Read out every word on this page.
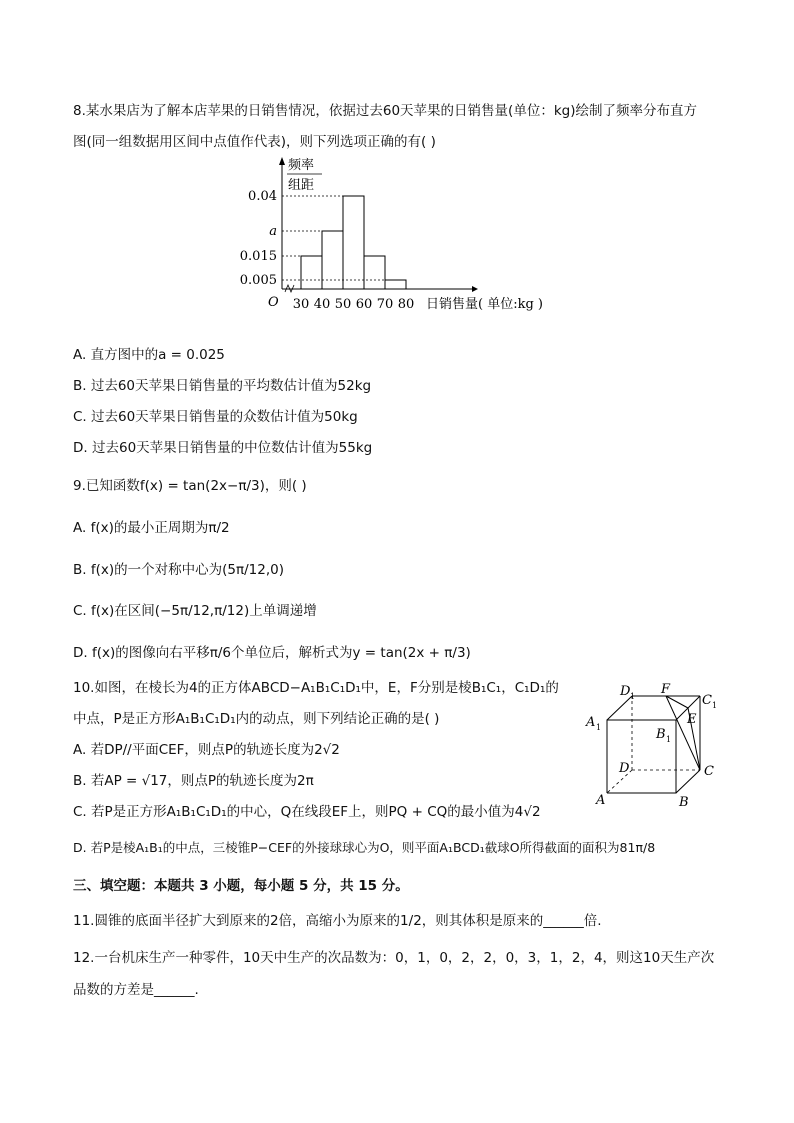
8.某水果店为了解本店苹果的日销售情况，依据过去60天苹果的日销售量(单位：kg)绘制了频率分布直方
图(同一组数据用区间中点值作代表)，则下列选项正确的有( )
频率
组距
0.04
a
0.015
0.005
O 30 40 50 60 70 80 日销售量( 单位:kg )
A. 直方图中的a = 0.025
B. 过去60天苹果日销售量的平均数估计值为52kg
C. 过去60天苹果日销售量的众数估计值为50kg
D. 过去60天苹果日销售量的中位数估计值为55kg
9.已知函数f(x) = tan(2x−π/3)，则( )
A. f(x)的最小正周期为π/2
B. f(x)的一个对称中心为(5π/12,0)
C. f(x)在区间(−5π/12,π/12)上单调递增
D. f(x)的图像向右平移π/6个单位后，解析式为y = tan(2x + π/3)
10.如图，在棱长为4的正方体ABCD−A₁B₁C₁D₁中，E，F分别是棱B₁C₁，C₁D₁的
中点，P是正方形A₁B₁C₁D₁内的动点，则下列结论正确的是( )
A. 若DP//平面CEF，则点P的轨迹长度为2√2
B. 若AP = √17，则点P的轨迹长度为2π
C. 若P是正方形A₁B₁C₁D₁的中心，Q在线段EF上，则PQ + CQ的最小值为4√2
D. 若P是棱A₁B₁的中点，三棱锥P−CEF的外接球球心为O，则平面A₁BCD₁截球O所得截面的面积为81π/8
A	B
C
D
A 1	B 1
C 1
D 1
E
F
三、填空题：本题共 3 小题，每小题 5 分，共 15 分。
11.圆锥的底面半径扩大到原来的2倍，高缩小为原来的1/2，则其体积是原来的______倍.
12.一台机床生产一种零件，10天中生产的次品数为：0，1，0，2，2，0，3，1，2，4，则这10天生产次
品数的方差是______.
